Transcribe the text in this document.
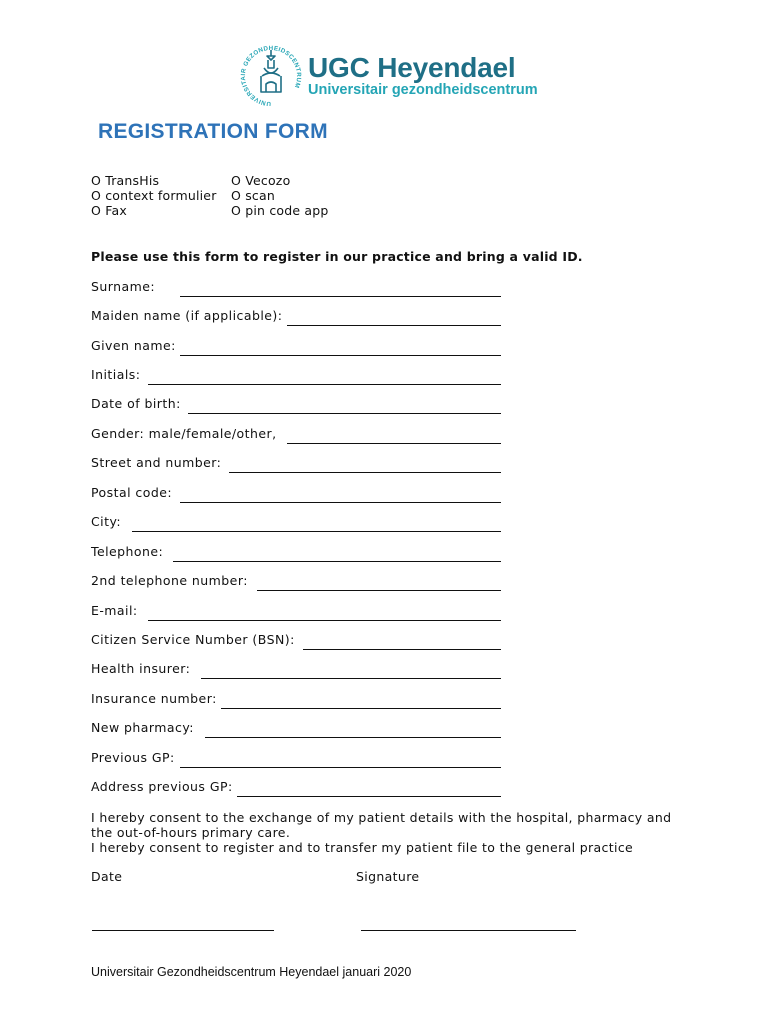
UNIVERSITAIR GEZONDHEIDSCENTRUM
UGC Heyendael
Universitair gezondheidscentrum
REGISTRATION FORM
O TransHis
O context formulier
O Fax
O Vecozo
O scan
O pin code app
Please use this form to register in our practice and bring a valid ID.
Surname:
Maiden name (if applicable):
Given name:
Initials:
Date of birth:
Gender: male/female/other,
Street and number:
Postal code:
City:
Telephone:
2nd telephone number:
E-mail:
Citizen Service Number (BSN):
Health insurer:
Insurance number:
New pharmacy:
Previous GP:
Address previous GP:
I hereby consent to the exchange of my patient details with the hospital, pharmacy and
the out-of-hours primary care.
I hereby consent to register and to transfer my patient file to the general practice
Date	Signature
Universitair Gezondheidscentrum Heyendael januari 2020
